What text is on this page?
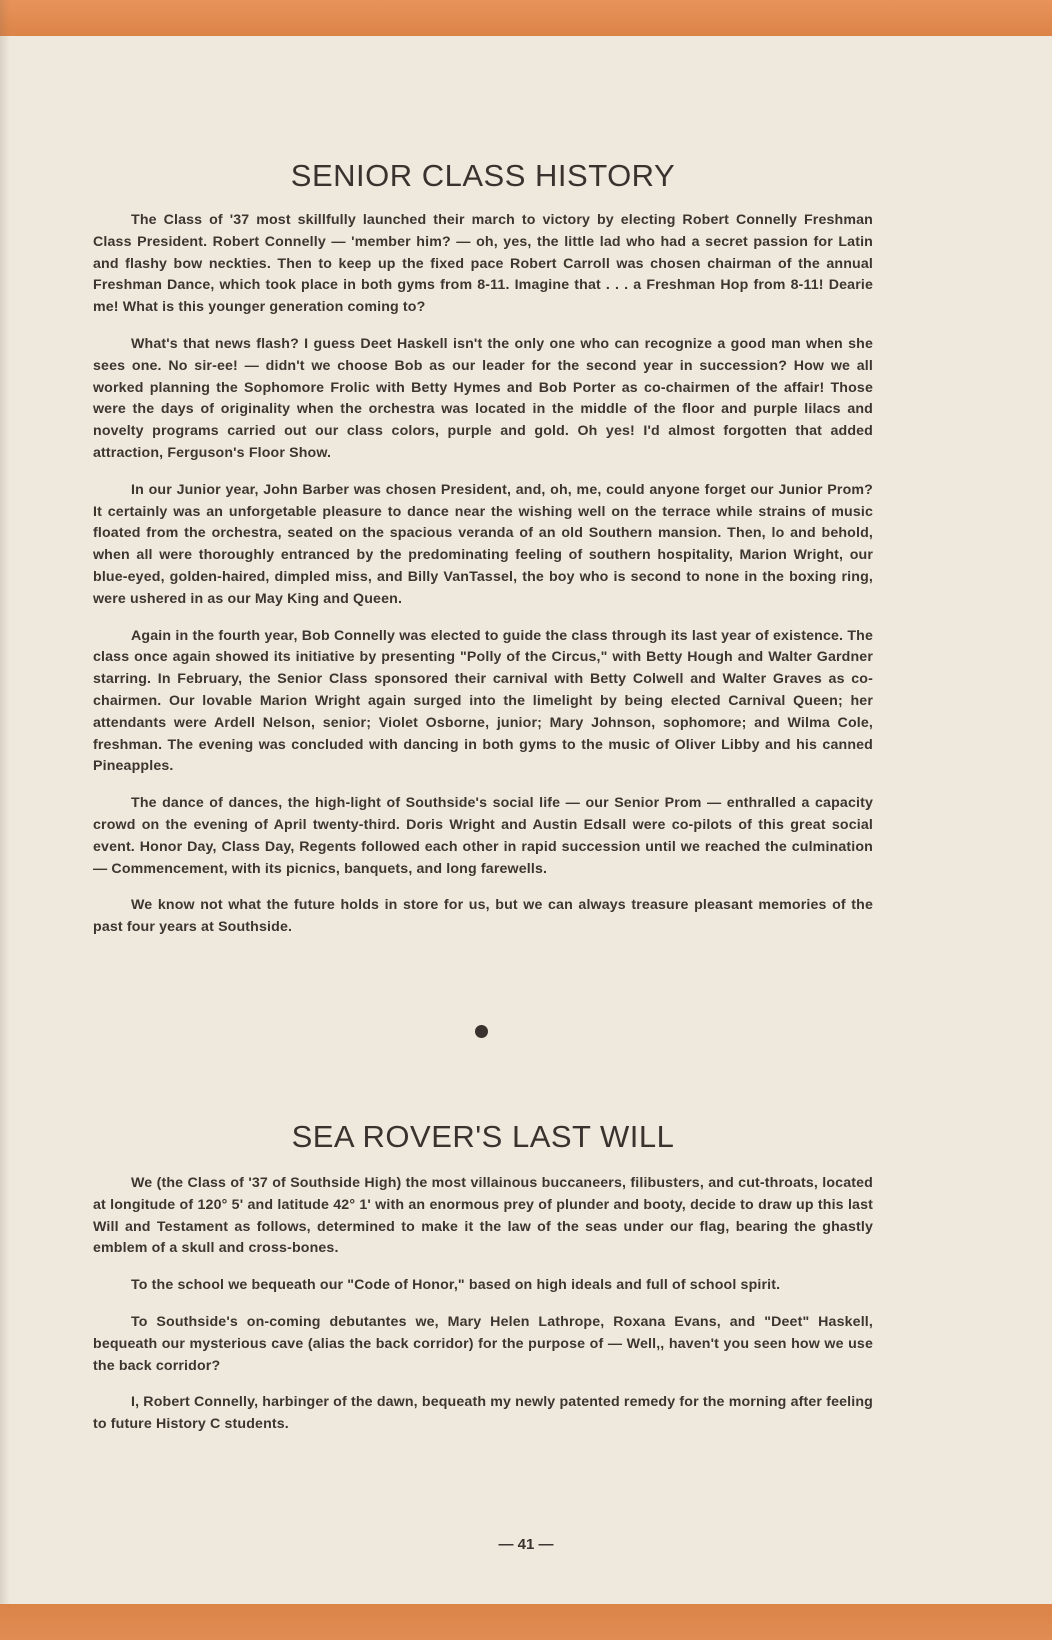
SENIOR CLASS HISTORY

The Class of '37 most skillfully launched their march to victory by electing Robert Connelly Freshman Class President. Robert Connelly — 'member him? — oh, yes, the little lad who had a secret passion for Latin and flashy bow neckties. Then to keep up the fixed pace Robert Carroll was chosen chairman of the annual Freshman Dance, which took place in both gyms from 8-11. Imagine that . . . a Freshman Hop from 8-11! Dearie me! What is this younger generation coming to?

What's that news flash? I guess Deet Haskell isn't the only one who can recognize a good man when she sees one. No sir-ee! — didn't we choose Bob as our leader for the second year in succession? How we all worked planning the Sophomore Frolic with Betty Hymes and Bob Porter as co-chairmen of the affair! Those were the days of originality when the orchestra was located in the middle of the floor and purple lilacs and novelty programs carried out our class colors, purple and gold. Oh yes! I'd almost forgotten that added attraction, Ferguson's Floor Show.

In our Junior year, John Barber was chosen President, and, oh, me, could anyone forget our Junior Prom? It certainly was an unforgetable pleasure to dance near the wishing well on the terrace while strains of music floated from the orchestra, seated on the spacious veranda of an old Southern mansion. Then, lo and behold, when all were thoroughly entranced by the predominating feeling of southern hospitality, Marion Wright, our blue-eyed, golden-haired, dimpled miss, and Billy VanTassel, the boy who is second to none in the boxing ring, were ushered in as our May King and Queen.

Again in the fourth year, Bob Connelly was elected to guide the class through its last year of existence. The class once again showed its initiative by presenting "Polly of the Circus," with Betty Hough and Walter Gardner starring. In February, the Senior Class sponsored their carnival with Betty Colwell and Walter Graves as co-chairmen. Our lovable Marion Wright again surged into the limelight by being elected Carnival Queen; her attendants were Ardell Nelson, senior; Violet Osborne, junior; Mary Johnson, sophomore; and Wilma Cole, freshman. The evening was concluded with dancing in both gyms to the music of Oliver Libby and his canned Pineapples.

The dance of dances, the high-light of Southside's social life — our Senior Prom — enthralled a capacity crowd on the evening of April twenty-third. Doris Wright and Austin Edsall were co-pilots of this great social event. Honor Day, Class Day, Regents followed each other in rapid succession until we reached the culmination — Commencement, with its picnics, banquets, and long farewells.

We know not what the future holds in store for us, but we can always treasure pleasant memories of the past four years at Southside.

SEA ROVER'S LAST WILL

We (the Class of '37 of Southside High) the most villainous buccaneers, filibusters, and cut-throats, located at longitude of 120° 5' and latitude 42° 1' with an enormous prey of plunder and booty, decide to draw up this last Will and Testament as follows, determined to make it the law of the seas under our flag, bearing the ghastly emblem of a skull and cross-bones.

To the school we bequeath our "Code of Honor," based on high ideals and full of school spirit.

To Southside's on-coming debutantes we, Mary Helen Lathrope, Roxana Evans, and "Deet" Haskell, bequeath our mysterious cave (alias the back corridor) for the purpose of — Well,, haven't you seen how we use the back corridor?

I, Robert Connelly, harbinger of the dawn, bequeath my newly patented remedy for the morning after feeling to future History C students.

— 41 —
